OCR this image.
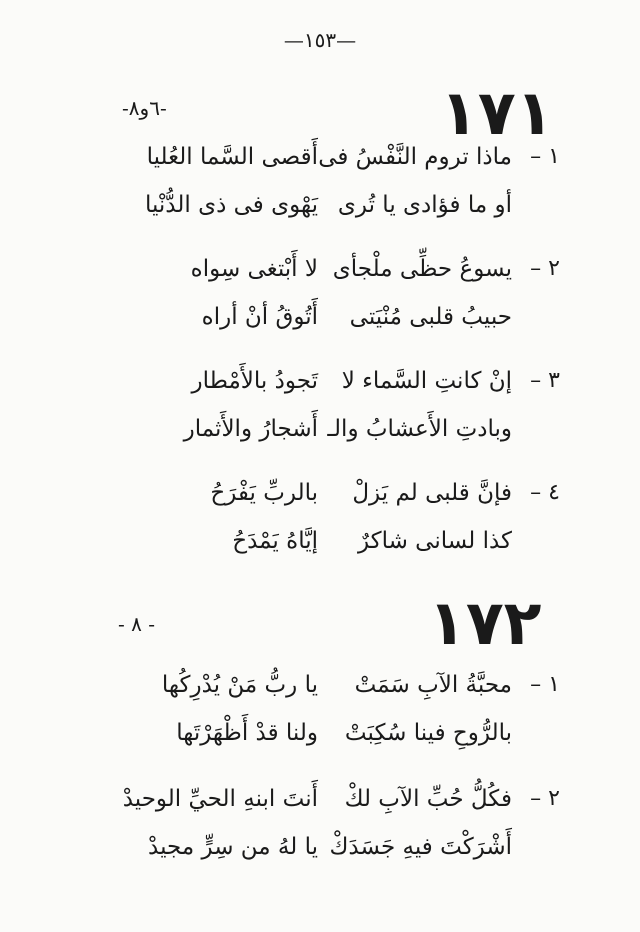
—١٥٣—
١٧١
-٦و٨-
١ –
ماذا تروم النَّفْسُ فى
أَقصى السَّما العُليا
أو ما فؤادى يا تُرى
يَهْوى فى ذى الدُّنْيا
٢ –
يسوعُ حظِّى ملْجأى
لا أَبْتغى سِواه
حبيبُ قلبى مُنْيَتى
أَتُوقُ أنْ أراه
٣ –
إنْ كانتِ السَّماء لا
تَجودُ بالأَمْطار
وبادتِ الأَعشابُ والـ
أَشجارُ والأَثمار
٤ –
فإنَّ قلبى لم يَزلْ
بالربِّ يَفْرَحُ
كذا لسانى شاكرٌ
إيَّاهُ يَمْدَحُ
١٧٢
- ٨ -
١ –
محبَّةُ الآبِ سَمَتْ
يا ربُّ مَنْ يُدْرِكُها
بالرُّوحِ فينا سُكِبَتْ
ولنا قدْ أَظْهَرْتَها
٢ –
فكُلُّ حُبِّ الآبِ لكْ
أَنتَ ابنهِ الحيِّ الوحيدْ
أَشْرَكْتَ فيهِ جَسَدَكْ
يا لهُ من سِرٍّ مجيدْ
